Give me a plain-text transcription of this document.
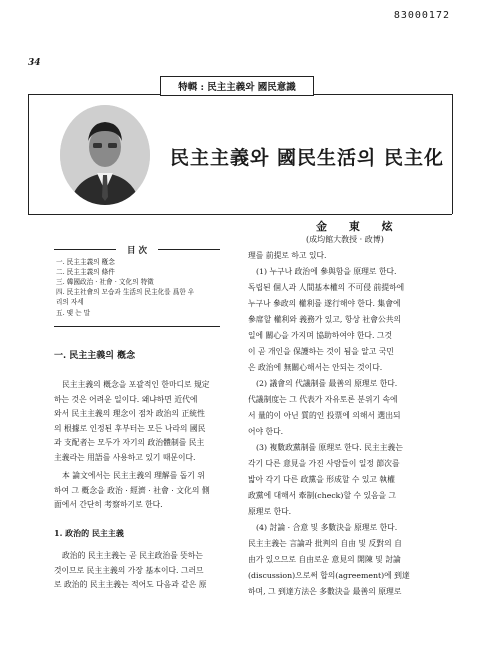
83000172
34
特輯 : 民主主義와 國民意識
民主主義와 國民生活의 民主化
金 東 炫
(成均館大敎授 · 政博)
目 次
一. 民主主義의 槪念
二. 民主主義의 條件
三. 韓國政治 · 社會 · 文化의 特徵
四. 民主社會의 모습과 生活의 民主化를 爲한 우
리의 자세
五. 맺 는 말
一. 民主主義의 槪念
民主主義의 槪念을 포괄적인 한마디로 規定
하는 것은 어려운 일이다. 왜냐하면 近代에
와서 民主主義의 理念이 점차 政治의 正統性
의 根據로 인정된 후부터는 모든 나라의 國民
과 支配者는 모두가 자기의 政治體制를 民主
主義라는 用語를 사용하고 있기 때문이다.
本 論文에서는 民主主義의 理解를 돕기 위
하여 그 槪念을 政治 · 經濟 · 社會 · 文化의 側
面에서 간단히 考察하기로 한다.
1. 政治的 民主主義
政治的 民主主義는 곧 民主政治를 뜻하는
것이므로 民主主義의 가장 基本이다. 그러므
로 政治的 民主主義는 적어도 다음과 같은 原
理를 前提로 하고 있다.
(1) 누구나 政治에 參與함을 原理로 한다.
독립된 個人과 人間基本權의 不可侵 前提하에
누구나 參政의 權利를 遂行해야 한다. 集會에
參席할 權利와 義務가 있고, 항상 社會公共의
일에 關心을 가지며 協助하여야 한다. 그것
이 곧 개인을 保護하는 것이 됨을 알고 국민
은 政治에 無關心해서는 안되는 것이다.
(2) 議會의 代議制를 最善의 原理로 한다.
代議制度는 그 代表가 자유토론 분위기 속에
서 量的이 아닌 質的인 投票에 의해서 選出되
어야 한다.
(3) 複數政黨制를 原理로 한다. 民主主義는
각기 다른 意見을 가진 사람들이 일정 節次를
밟아 각기 다른 政黨을 形成할 수 있고 執權
政黨에 대해서 牽制(check)할 수 있음을 그
原理로 한다.
(4) 討論 · 合意 및 多數決을 原理로 한다.
民主主義는 言論과 批判의 自由 및 反對의 自
由가 있으므로 自由로운 意見의 開陳 및 討論
(discussion)으로써 합의(agreement)에 到達
하며, 그 到達方法은 多數決을 最善의 原理로
